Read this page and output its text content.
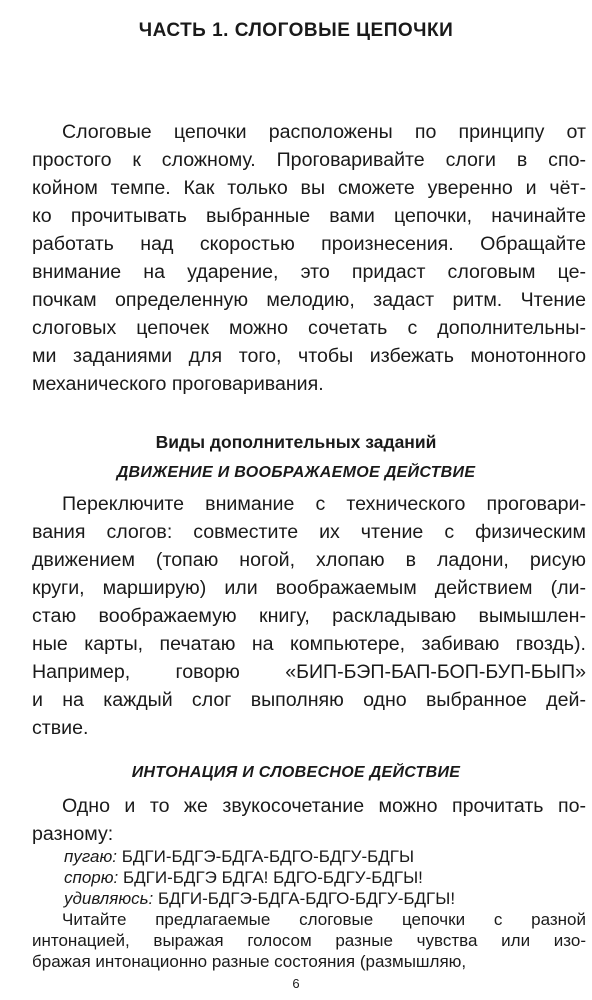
ЧАСТЬ 1. СЛОГОВЫЕ ЦЕПОЧКИ
Слоговые цепочки расположены по принципу от
простого к сложному. Проговаривайте слоги в спо-
койном темпе. Как только вы сможете уверенно и чёт-
ко прочитывать выбранные вами цепочки, начинайте
работать над скоростью произнесения. Обращайте
внимание на ударение, это придаст слоговым це-
почкам определенную мелодию, задаст ритм. Чтение
слоговых цепочек можно сочетать с дополнительны-
ми заданиями для того, чтобы избежать монотонного
механического проговаривания.
Виды дополнительных заданий
ДВИЖЕНИЕ И ВООБРАЖАЕМОЕ ДЕЙСТВИЕ
Переключите внимание с технического проговари-
вания слогов: совместите их чтение с физическим
движением (топаю ногой, хлопаю в ладони, рисую
круги, марширую) или воображаемым действием (ли-
стаю воображаемую книгу, раскладываю вымышлен-
ные карты, печатаю на компьютере, забиваю гвоздь).
Например, говорю «БИП-БЭП-БАП-БОП-БУП-БЫП»
и на каждый слог выполняю одно выбранное дей-
ствие.
ИНТОНАЦИЯ И СЛОВЕСНОЕ ДЕЙСТВИЕ
Одно и то же звукосочетание можно прочитать по-
разному:
пугаю: БДГИ-БДГЭ-БДГА-БДГО-БДГУ-БДГЫ
спорю: БДГИ-БДГЭ БДГА! БДГО-БДГУ-БДГЫ!
6
удивляюсь: БДГИ-БДГЭ-БДГА-БДГО-БДГУ-БДГЫ!
Читайте предлагаемые слоговые цепочки с разной
интонацией, выражая голосом разные чувства или изо-
бражая интонационно разные состояния (размышляю,
